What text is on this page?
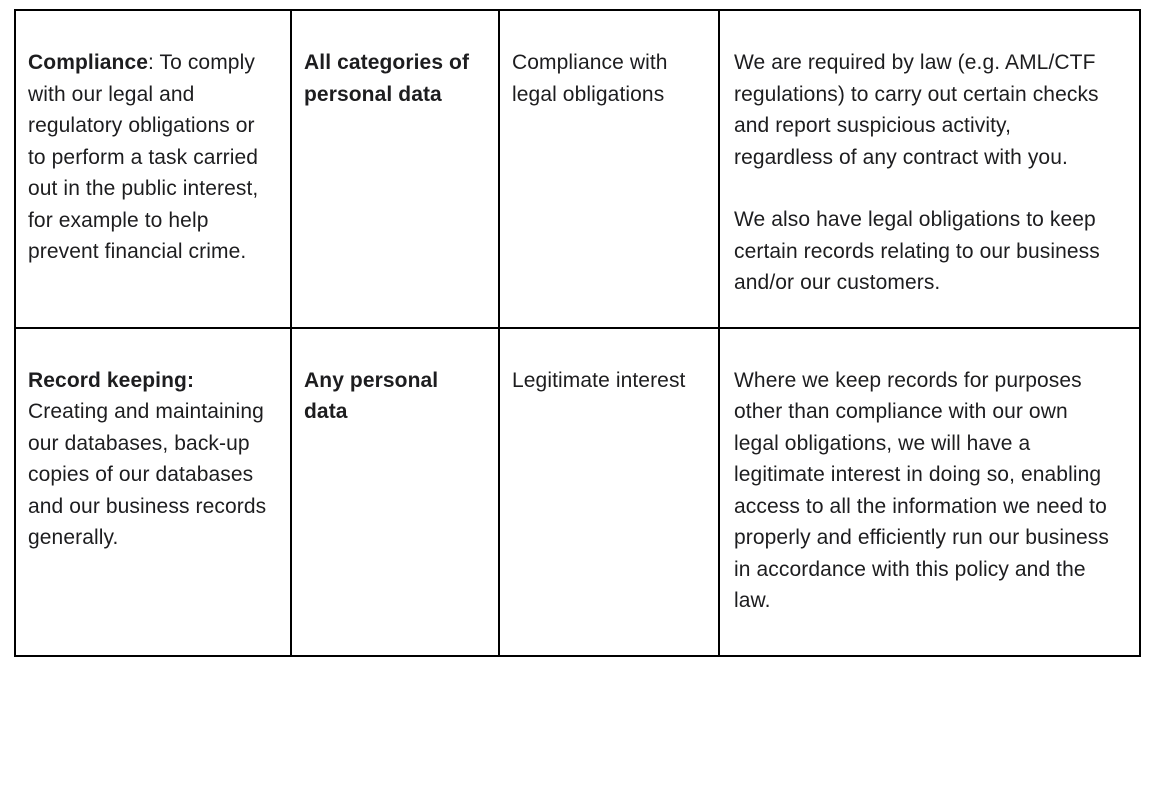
Compliance: To comply with our legal and regulatory obligations or to perform a task carried out in the public interest, for example to help prevent financial crime.	All categories of personal data	Compliance with legal obligations	We are required by law (e.g. AML/CTF regulations) to carry out certain checks and report suspicious activity, regardless of any contract with you.

We also have legal obligations to keep certain records relating to our business and/or our customers.

Record keeping: Creating and maintaining our databases, back-up copies of our databases and our business records generally.	Any personal data	Legitimate interest	Where we keep records for purposes other than compliance with our own legal obligations, we will have a legitimate interest in doing so, enabling access to all the information we need to properly and efficiently run our business in accordance with this policy and the law.
